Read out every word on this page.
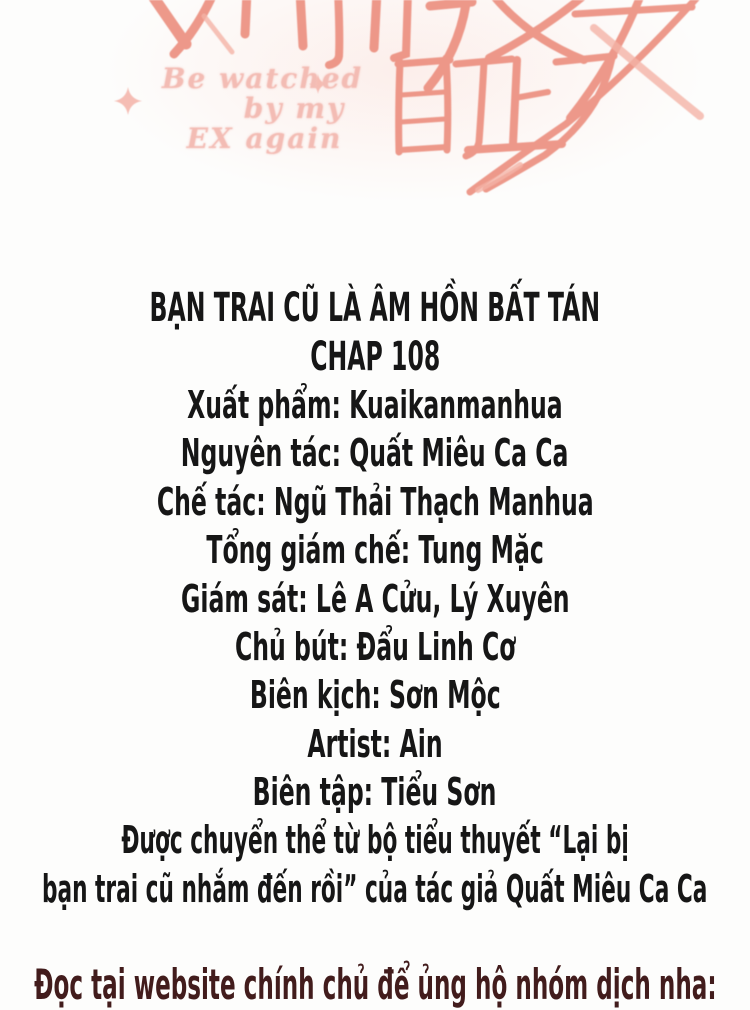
Be watched
by my
EX again
BẠN TRAI CŨ LÀ ÂM HỒN BẤT TÁN
CHAP 108
Xuất phẩm: Kuaikanmanhua
Nguyên tác: Quất Miêu Ca Ca
Chế tác: Ngũ Thải Thạch Manhua
Tổng giám chế: Tung Mặc
Giám sát: Lê A Cửu, Lý Xuyên
Chủ bút: Đẩu Linh Cơ
Biên kịch: Sơn Mộc
Artist: Ain
Biên tập: Tiểu Sơn
Được chuyển thể từ bộ tiểu thuyết “Lại bị
bạn trai cũ nhắm đến rồi” của tác giả Quất Miêu Ca Ca
Đọc tại website chính chủ để ủng hộ nhóm dịch nha:
